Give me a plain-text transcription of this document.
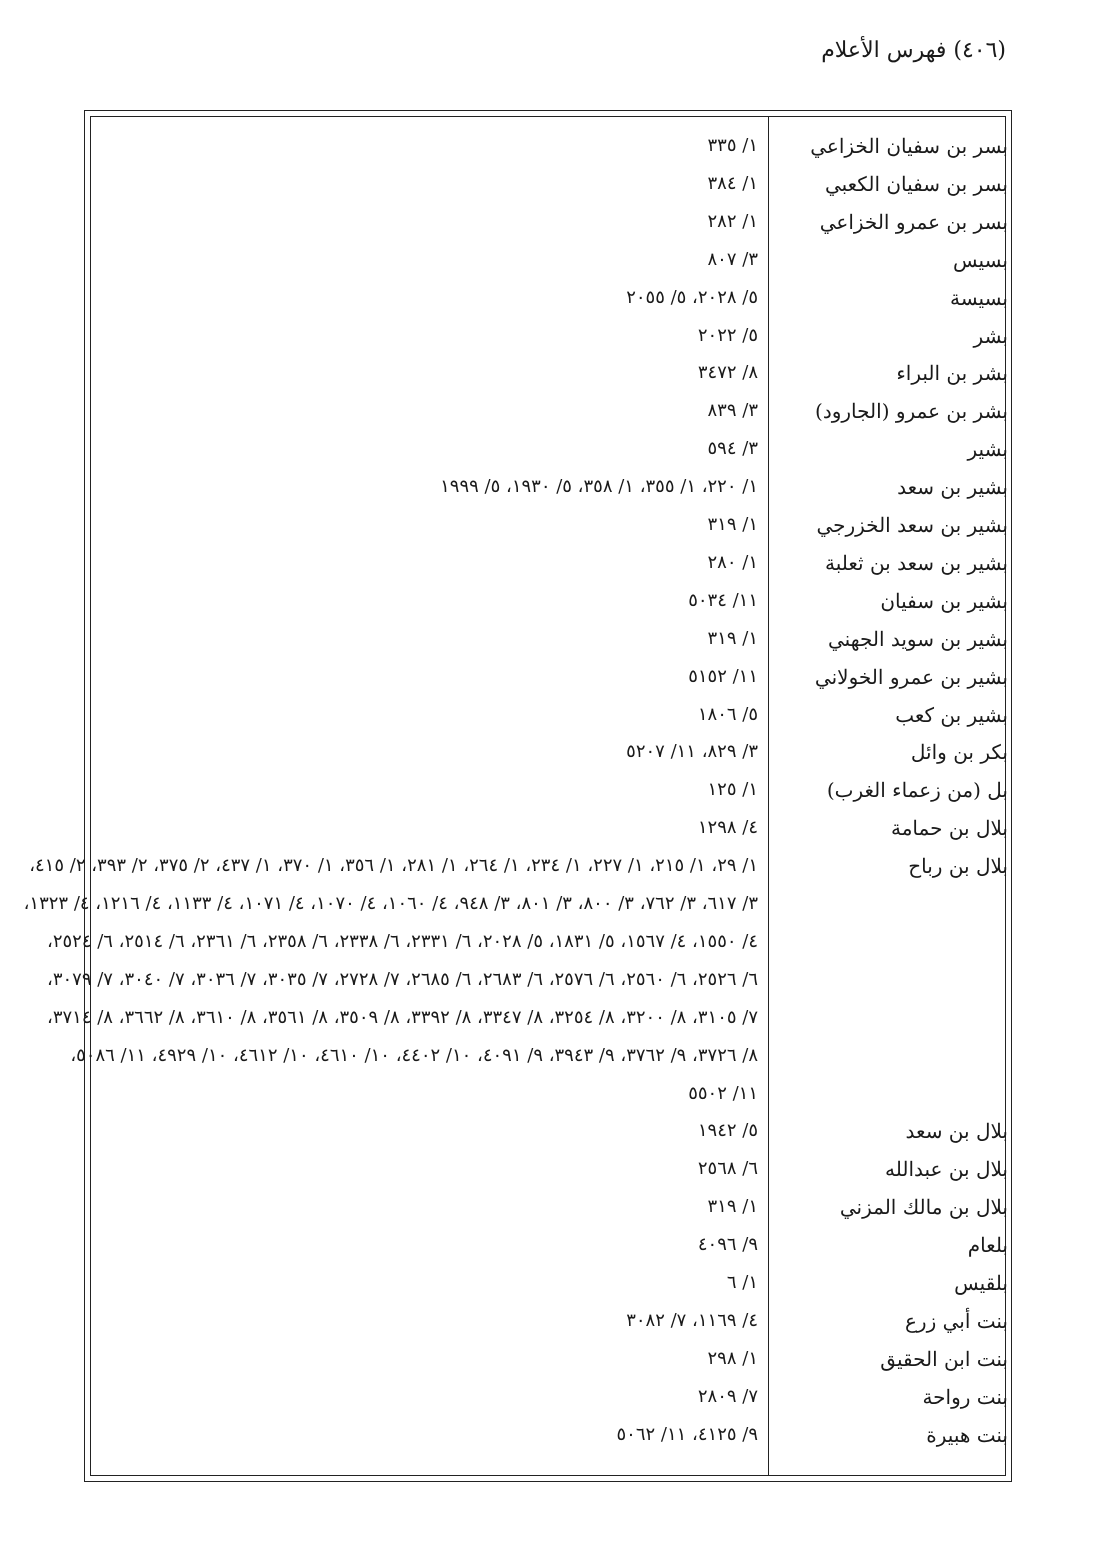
(٤٠٦) فهرس الأعلام
بسر بن سفيان الخزاعي
١/ ٣٣٥
بسر بن سفيان الكعبي
١/ ٣٨٤
بسر بن عمرو الخزاعي
١/ ٢٨٢
بسيس
٣/ ٨٠٧
بسيسة
٥/ ٢٠٢٨، ٥/ ٢٠٥٥
بشر
٥/ ٢٠٢٢
بشر بن البراء
٨/ ٣٤٧٢
بشر بن عمرو (الجارود)
٣/ ٨٣٩
بشير
٣/ ٥٩٤
بشير بن سعد
١/ ٢٢٠، ١/ ٣٥٥، ١/ ٣٥٨، ٥/ ١٩٣٠، ٥/ ١٩٩٩
بشير بن سعد الخزرجي
١/ ٣١٩
بشير بن سعد بن ثعلبة
١/ ٢٨٠
بشير بن سفيان
١١/ ٥٠٣٤
بشير بن سويد الجهني
١/ ٣١٩
بشير بن عمرو الخولاني
١١/ ٥١٥٢
بشير بن كعب
٥/ ١٨٠٦
بكر بن وائل
٣/ ٨٢٩، ١١/ ٥٢٠٧
بل (من زعماء الغرب)
١/ ١٢٥
بلال بن حمامة
٤/ ١٢٩٨
بلال بن رباح
١/ ٢٩، ١/ ٢١٥، ١/ ٢٢٧، ١/ ٢٣٤، ١/ ٢٦٤، ١/ ٢٨١، ١/ ٣٥٦، ١/ ٣٧٠، ١/ ٤٣٧، ٢/ ٣٧٥، ٢/ ٣٩٣، ٢/ ٤١٥،
٣/ ٦١٧، ٣/ ٧٦٢، ٣/ ٨٠٠، ٣/ ٨٠١، ٣/ ٩٤٨، ٤/ ١٠٦٠، ٤/ ١٠٧٠، ٤/ ١٠٧١، ٤/ ١١٣٣، ٤/ ١٢١٦، ٤/ ١٣٢٣،
٤/ ١٥٥٠، ٤/ ١٥٦٧، ٥/ ١٨٣١، ٥/ ٢٠٢٨، ٦/ ٢٣٣١، ٦/ ٢٣٣٨، ٦/ ٢٣٥٨، ٦/ ٢٣٦١، ٦/ ٢٥١٤، ٦/ ٢٥٢٤،
٦/ ٢٥٢٦، ٦/ ٢٥٦٠، ٦/ ٢٥٧٦، ٦/ ٢٦٨٣، ٦/ ٢٦٨٥، ٧/ ٢٧٢٨، ٧/ ٣٠٣٥، ٧/ ٣٠٣٦، ٧/ ٣٠٤٠، ٧/ ٣٠٧٩،
٧/ ٣١٠٥، ٨/ ٣٢٠٠، ٨/ ٣٢٥٤، ٨/ ٣٣٤٧، ٨/ ٣٣٩٢، ٨/ ٣٥٠٩، ٨/ ٣٥٦١، ٨/ ٣٦١٠، ٨/ ٣٦٦٢، ٨/ ٣٧١٤،
٨/ ٣٧٢٦، ٩/ ٣٧٦٢، ٩/ ٣٩٤٣، ٩/ ٤٠٩١، ١٠/ ٤٤٠٢، ١٠/ ٤٦١٠، ١٠/ ٤٦١٢، ١٠/ ٤٩٢٩، ١١/ ٥٠٨٦،
١١/ ٥٥٠٢
بلال بن سعد
٥/ ١٩٤٢
بلال بن عبدالله
٦/ ٢٥٦٨
بلال بن مالك المزني
١/ ٣١٩
بلعام
٩/ ٤٠٩٦
بلقيس
١/ ٦
بنت أبي زرع
٤/ ١١٦٩، ٧/ ٣٠٨٢
بنت ابن الحقيق
١/ ٢٩٨
بنت رواحة
٧/ ٢٨٠٩
بنت هبيرة
٩/ ٤١٢٥، ١١/ ٥٠٦٢
